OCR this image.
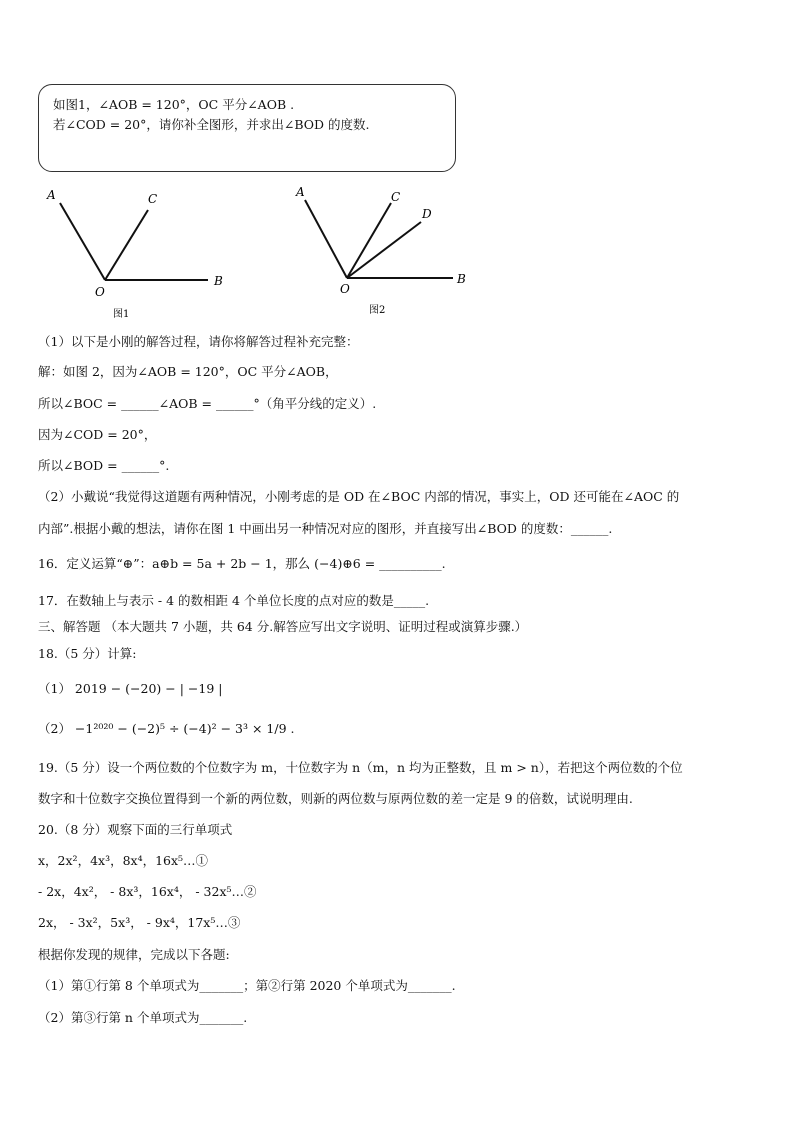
如图1，∠AOB = 120°，OC 平分∠AOB .
若∠COD = 20°，请你补全图形，并求出∠BOD 的度数.
A	C
O
B
图1
A	C
D
O
B
图2
（1）以下是小刚的解答过程，请你将解答过程补充完整：
解：如图 2，因为∠AOB = 120°，OC 平分∠AOB，
所以∠BOC = ______∠AOB = ______°（角平分线的定义）.
因为∠COD = 20°，
所以∠BOD = ______°.
（2）小戴说“我觉得这道题有两种情况，小刚考虑的是 OD 在∠BOC 内部的情况，事实上，OD 还可能在∠AOC 的
内部”.根据小戴的想法，请你在图 1 中画出另一种情况对应的图形，并直接写出∠BOD 的度数：______.
16．定义运算“⊕”：a⊕b = 5a + 2b − 1，那么 (−4)⊕6 = __________.
17．在数轴上与表示 - 4 的数相距 4 个单位长度的点对应的数是_____.
三、解答题 （本大题共 7 小题，共 64 分.解答应写出文字说明、证明过程或演算步骤.）
18.（5 分）计算:
（1） 2019 − (−20) − | −19 |
（2） −1²⁰²⁰ − (−2)⁵ ÷ (−4)² − 3³ × 1/9 .
19.（5 分）设一个两位数的个位数字为 m，十位数字为 n（m，n 均为正整数，且 m > n），若把这个两位数的个位
数字和十位数字交换位置得到一个新的两位数，则新的两位数与原两位数的差一定是 9 的倍数，试说明理由.
20.（8 分）观察下面的三行单项式
x，2x²，4x³，8x⁴，16x⁵…①
- 2x，4x²， - 8x³，16x⁴， - 32x⁵…②
2x， - 3x²，5x³， - 9x⁴，17x⁵…③
根据你发现的规律，完成以下各题:
（1）第①行第 8 个单项式为_______；第②行第 2020 个单项式为_______.
（2）第③行第 n 个单项式为_______.
